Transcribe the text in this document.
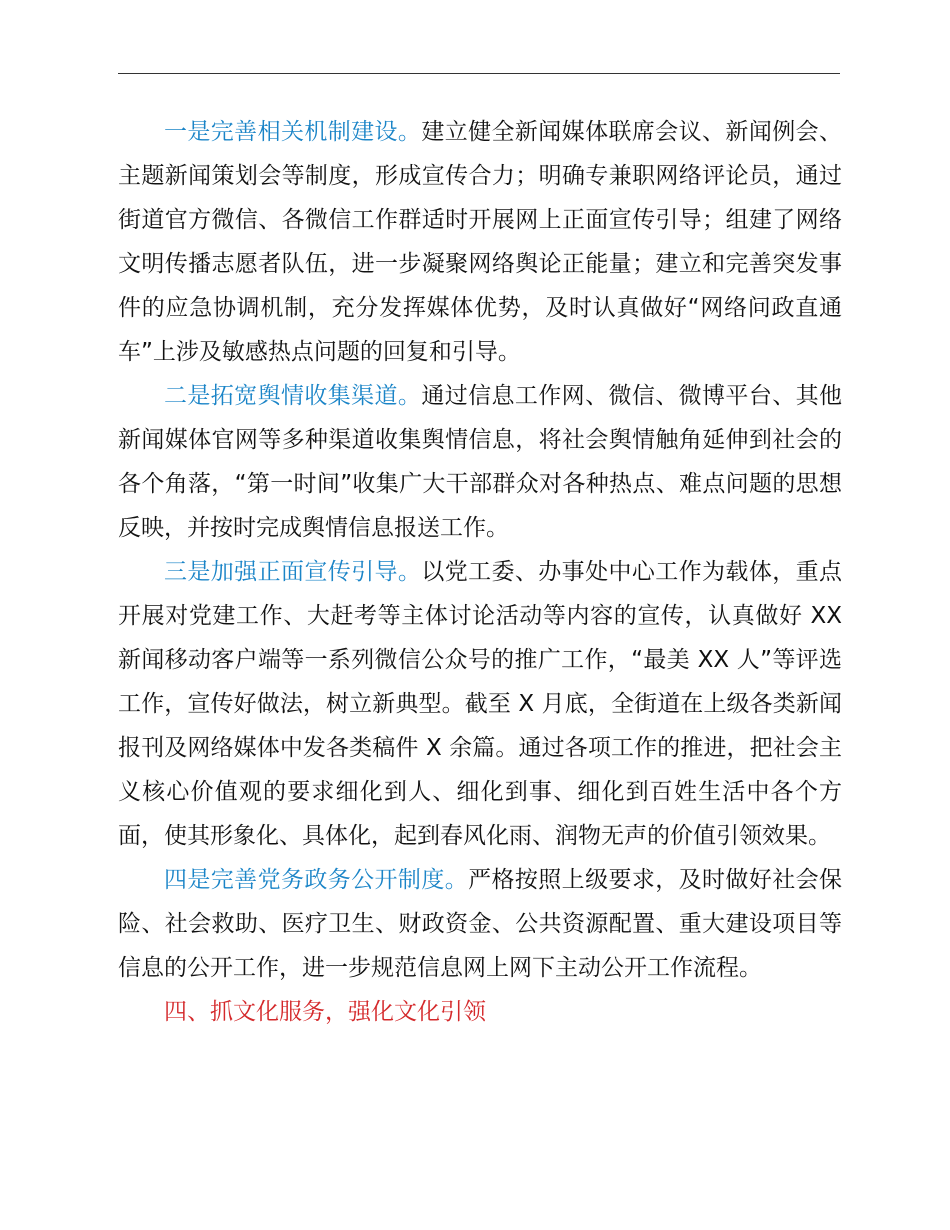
一是完善相关机制建设。建立健全新闻媒体联席会议、新闻例会、主题新闻策划会等制度，形成宣传合力；明确专兼职网络评论员，通过街道官方微信、各微信工作群适时开展网上正面宣传引导；组建了网络文明传播志愿者队伍，进一步凝聚网络舆论正能量；建立和完善突发事件的应急协调机制，充分发挥媒体优势，及时认真做好“网络问政直通车”上涉及敏感热点问题的回复和引导。

二是拓宽舆情收集渠道。通过信息工作网、微信、微博平台、其他新闻媒体官网等多种渠道收集舆情信息，将社会舆情触角延伸到社会的各个角落，“第一时间”收集广大干部群众对各种热点、难点问题的思想反映，并按时完成舆情信息报送工作。

三是加强正面宣传引导。以党工委、办事处中心工作为载体，重点开展对党建工作、大赶考等主体讨论活动等内容的宣传，认真做好 XX 新闻移动客户端等一系列微信公众号的推广工作，“最美 XX 人”等评选工作，宣传好做法，树立新典型。截至 X 月底，全街道在上级各类新闻报刊及网络媒体中发各类稿件 X 余篇。通过各项工作的推进，把社会主义核心价值观的要求细化到人、细化到事、细化到百姓生活中各个方面，使其形象化、具体化，起到春风化雨、润物无声的价值引领效果。

四是完善党务政务公开制度。严格按照上级要求，及时做好社会保险、社会救助、医疗卫生、财政资金、公共资源配置、重大建设项目等信息的公开工作，进一步规范信息网上网下主动公开工作流程。

四、抓文化服务，强化文化引领
